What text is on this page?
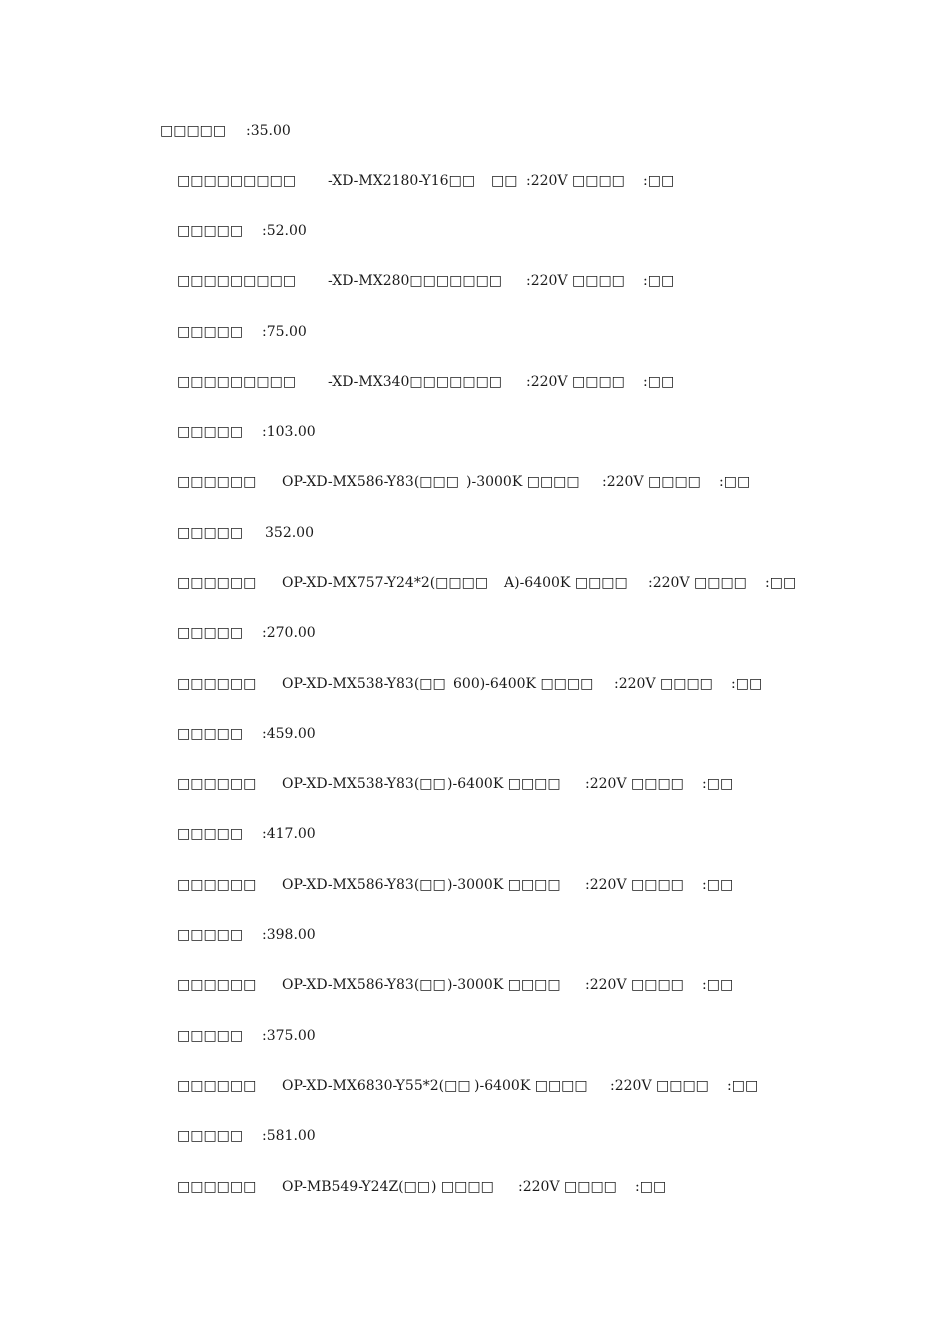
□□□□□ :35.00
□□□□□□□□□ -XD-MX2180-Y16□□ □□ :220V □□□□ :□□
□□□□□ :52.00
□□□□□□□□□ -XD-MX280□□□□□□□ :220V □□□□ :□□
□□□□□ :75.00
□□□□□□□□□ -XD-MX340□□□□□□□ :220V □□□□ :□□
□□□□□ :103.00
□□□□□□ OP-XD-MX586-Y83(□□□ )-3000K □□□□ :220V □□□□ :□□
□□□□□ 352.00
□□□□□□ OP-XD-MX757-Y24*2(□□□□ A)-6400K □□□□ :220V □□□□ :□□
□□□□□ :270.00
□□□□□□ OP-XD-MX538-Y83(□□ 600)-6400K □□□□ :220V □□□□ :□□
□□□□□ :459.00
□□□□□□ OP-XD-MX538-Y83(□□ )-6400K □□□□ :220V □□□□ :□□
□□□□□ :417.00
□□□□□□ OP-XD-MX586-Y83(□□ )-3000K □□□□ :220V □□□□ :□□
□□□□□ :398.00
□□□□□□ OP-XD-MX586-Y83(□□ )-3000K □□□□ :220V □□□□ :□□
□□□□□ :375.00
□□□□□□ OP-XD-MX6830-Y55*2(□□ )-6400K □□□□ :220V □□□□ :□□
□□□□□ :581.00
□□□□□□ OP-MB549-Y24Z(□□ ) □□□□ :220V □□□□ :□□
